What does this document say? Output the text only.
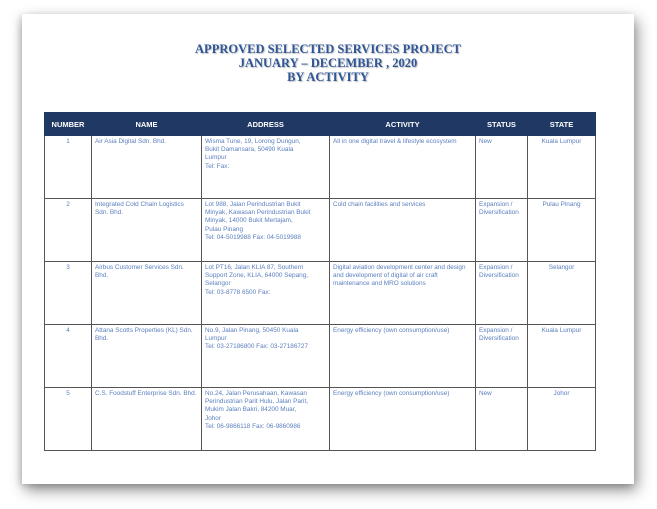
APPROVED SELECTED SERVICES PROJECT
JANUARY – DECEMBER , 2020
BY ACTIVITY
NUMBER	NAME	ADDRESS	ACTIVITY	STATUS	STATE
1	Air Asia Digital Sdn. Bhd.	Wisma Tune, 19, Lorong Dungun,
Bukit Damansara, 50490 Kuala
Lumpur
Tel: Fax:	All in one digital travel & lifestyle ecosystem	New	Kuala Lumpur
2	Integrated Cold Chain Logistics Sdn. Bhd.	Lot 988, Jalan Perindustrian Bukit
Minyak, Kawasan Perindustrian Bukit
Minyak, 14000 Bukit Mertajam,
Pulau Pinang
Tel: 04-5019988 Fax: 04-5019988	Cold chain facilities and services	Expansion / Diversification	Pulau Pinang
3	Airbus Customer Services Sdn. Bhd.	Lot PT16, Jalan KLIA 87, Southern
Support Zone, KLIA, 64000 Sepang,
Selangor
Tel: 03-8778 6500 Fax:	Digital aviation development center and design and development of digital of air craft maintenance and MRO solutions	Expansion / Diversification	Selangor
4	Attana Scotts Properties (KL) Sdn. Bhd.	No.9, Jalan Pinang, 50450 Kuala
Lumpur
Tel: 03-27186800 Fax: 03-27186727	Energy efficiency (own consumption/use)	Expansion / Diversification	Kuala Lumpur
5	C.S. Foodstuff Enterprise Sdn. Bhd.	No.24, Jalan Perusahaan, Kawasan
Perindustrian Parit Hulu, Jalan Parit,
Mukim Jalan Bakri, 84200 Muar,
Johor
Tel: 06-9866118 Fax: 06-9860986	Energy efficiency (own consumption/use)	New	Johor
